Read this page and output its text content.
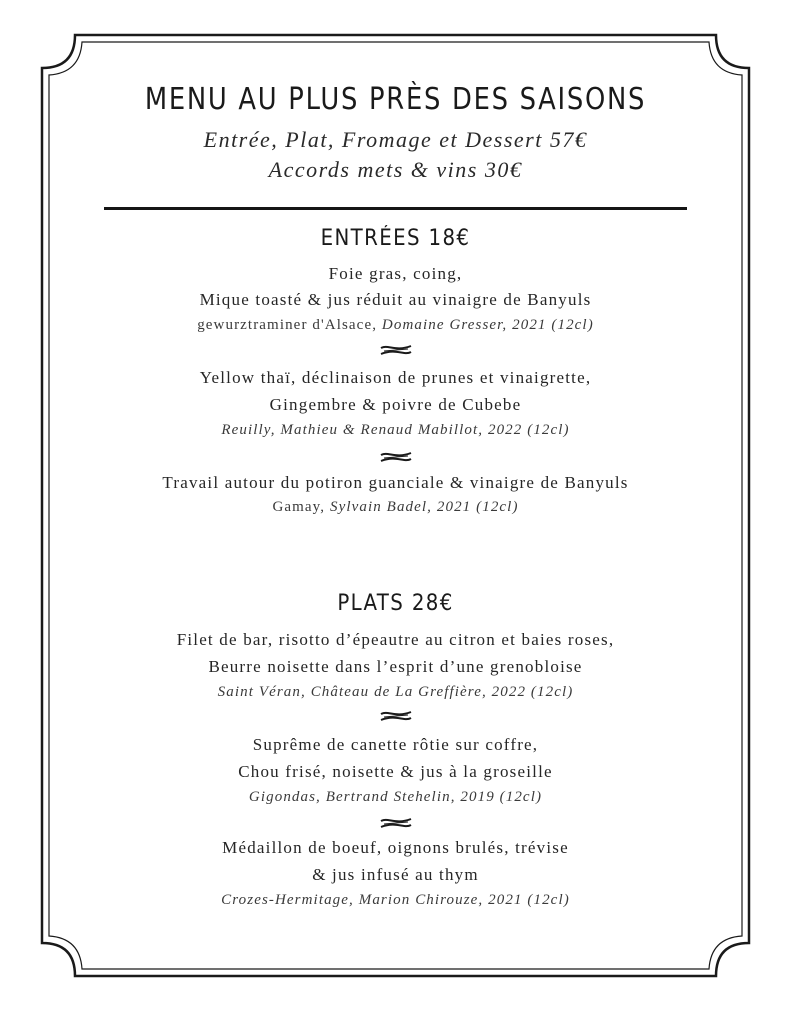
MENU AU PLUS PRÈS DES SAISONS
Entrée, Plat, Fromage et Dessert 57€
Accords mets & vins 30€
ENTRÉES 18€
Foie gras, coing,
Mique toasté & jus réduit au vinaigre de Banyuls
gewurztraminer d'Alsace, Domaine Gresser, 2021 (12cl)
Yellow thaï, déclinaison de prunes et vinaigrette,
Gingembre & poivre de Cubebe
Reuilly, Mathieu & Renaud Mabillot, 2022 (12cl)
Travail autour du potiron guanciale & vinaigre de Banyuls
Gamay, Sylvain Badel, 2021 (12cl)
PLATS 28€
Filet de bar, risotto d’épeautre au citron et baies roses,
Beurre noisette dans l’esprit d’une grenobloise
Saint Véran, Château de La Greffière, 2022 (12cl)
Suprême de canette rôtie sur coffre,
Chou frisé, noisette & jus à la groseille
Gigondas, Bertrand Stehelin, 2019 (12cl)
Médaillon de boeuf, oignons brulés, trévise
& jus infusé au thym
Crozes-Hermitage, Marion Chirouze, 2021 (12cl)
